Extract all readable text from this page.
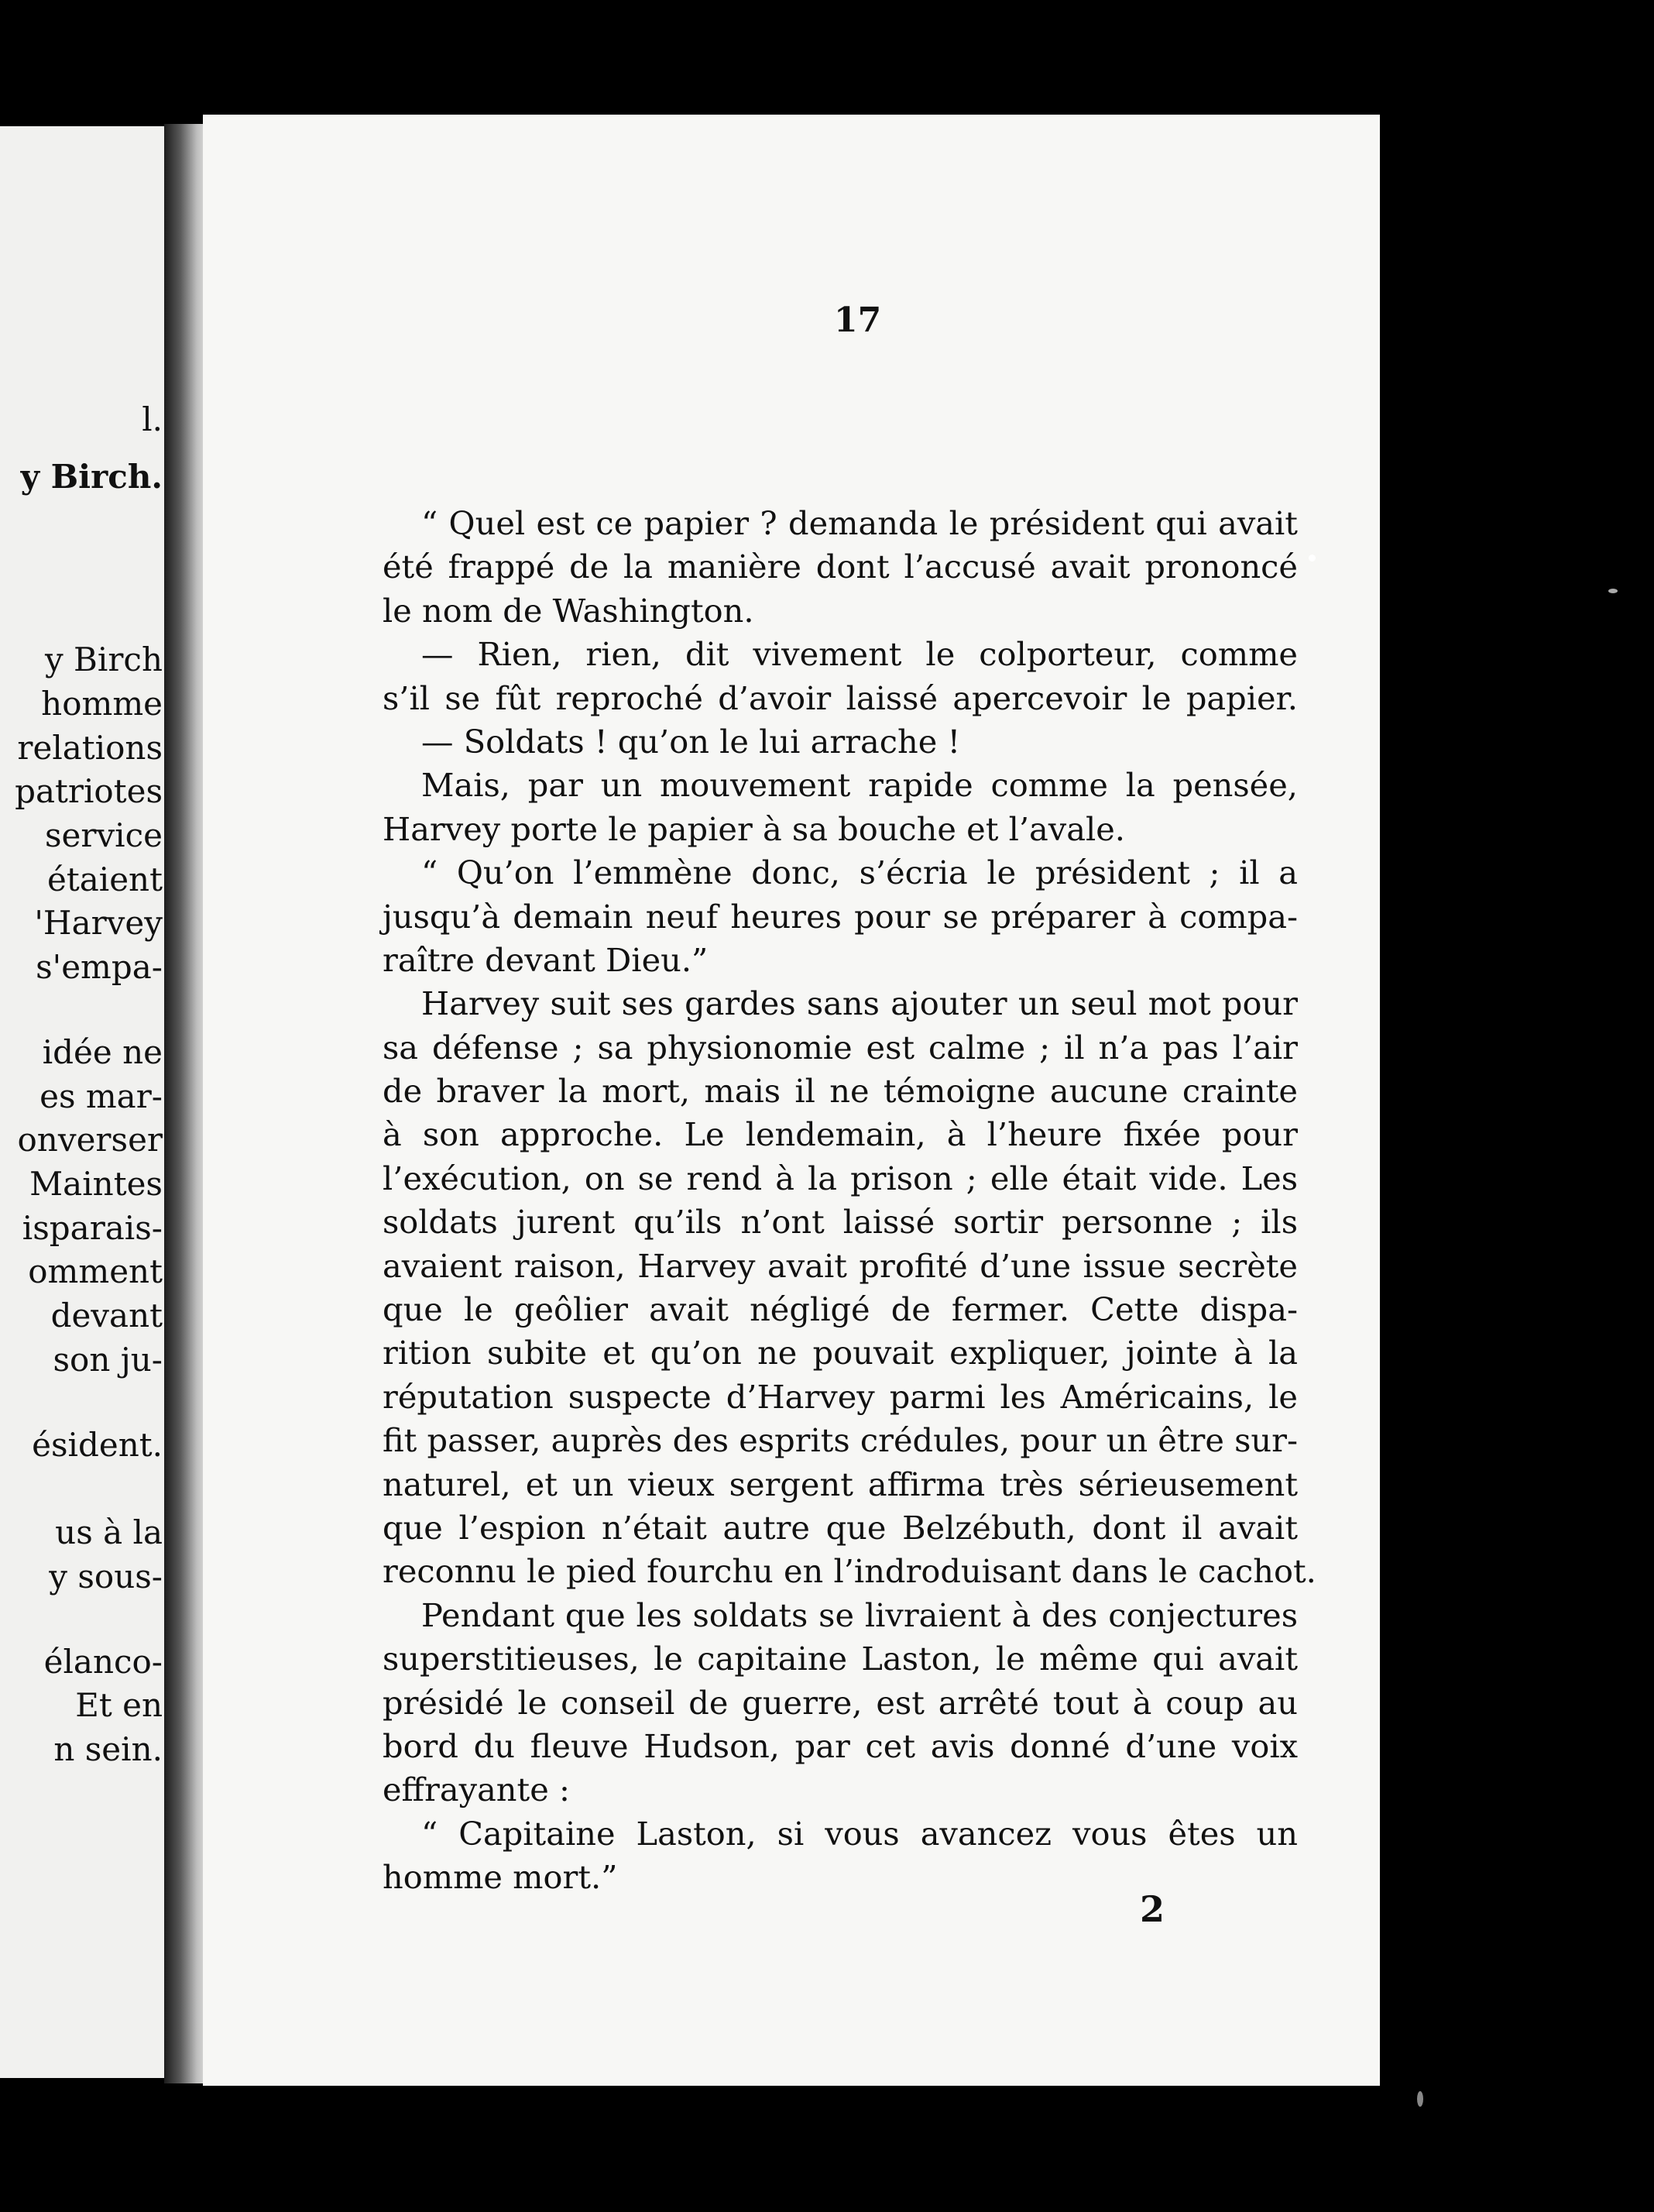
l.
y Birch.
y Birch
homme
relations
patriotes
service
étaient
'Harvey
s'empa-
idée ne
es mar-
onverser
Maintes
isparais-
omment
devant
son ju-
ésident.
us à la
y sous-
élanco-
Et en
n sein.
17
“ Quel est ce papier ? demanda le président qui avait
été frappé de la manière dont l’accusé avait prononcé
le nom de Washington.
— Rien, rien, dit vivement le colporteur, comme
s’il se fût reproché d’avoir laissé apercevoir le papier.
— Soldats ! qu’on le lui arrache !
Mais, par un mouvement rapide comme la pensée,
Harvey porte le papier à sa bouche et l’avale.
“ Qu’on l’emmène donc, s’écria le président ; il a
jusqu’à demain neuf heures pour se préparer à compa-
raître devant Dieu.”
Harvey suit ses gardes sans ajouter un seul mot pour
sa défense ; sa physionomie est calme ; il n’a pas l’air
de braver la mort, mais il ne témoigne aucune crainte
à son approche. Le lendemain, à l’heure fixée pour
l’exécution, on se rend à la prison ; elle était vide. Les
soldats jurent qu’ils n’ont laissé sortir personne ; ils
avaient raison, Harvey avait profité d’une issue secrète
que le geôlier avait négligé de fermer. Cette dispa-
rition subite et qu’on ne pouvait expliquer, jointe à la
réputation suspecte d’Harvey parmi les Américains, le
fit passer, auprès des esprits crédules, pour un être sur-
naturel, et un vieux sergent affirma très sérieusement
que l’espion n’était autre que Belzébuth, dont il avait
reconnu le pied fourchu en l’indroduisant dans le cachot.
Pendant que les soldats se livraient à des conjectures
superstitieuses, le capitaine Laston, le même qui avait
présidé le conseil de guerre, est arrêté tout à coup au
bord du fleuve Hudson, par cet avis donné d’une voix
effrayante :
“ Capitaine Laston, si vous avancez vous êtes un
homme mort.”
2
